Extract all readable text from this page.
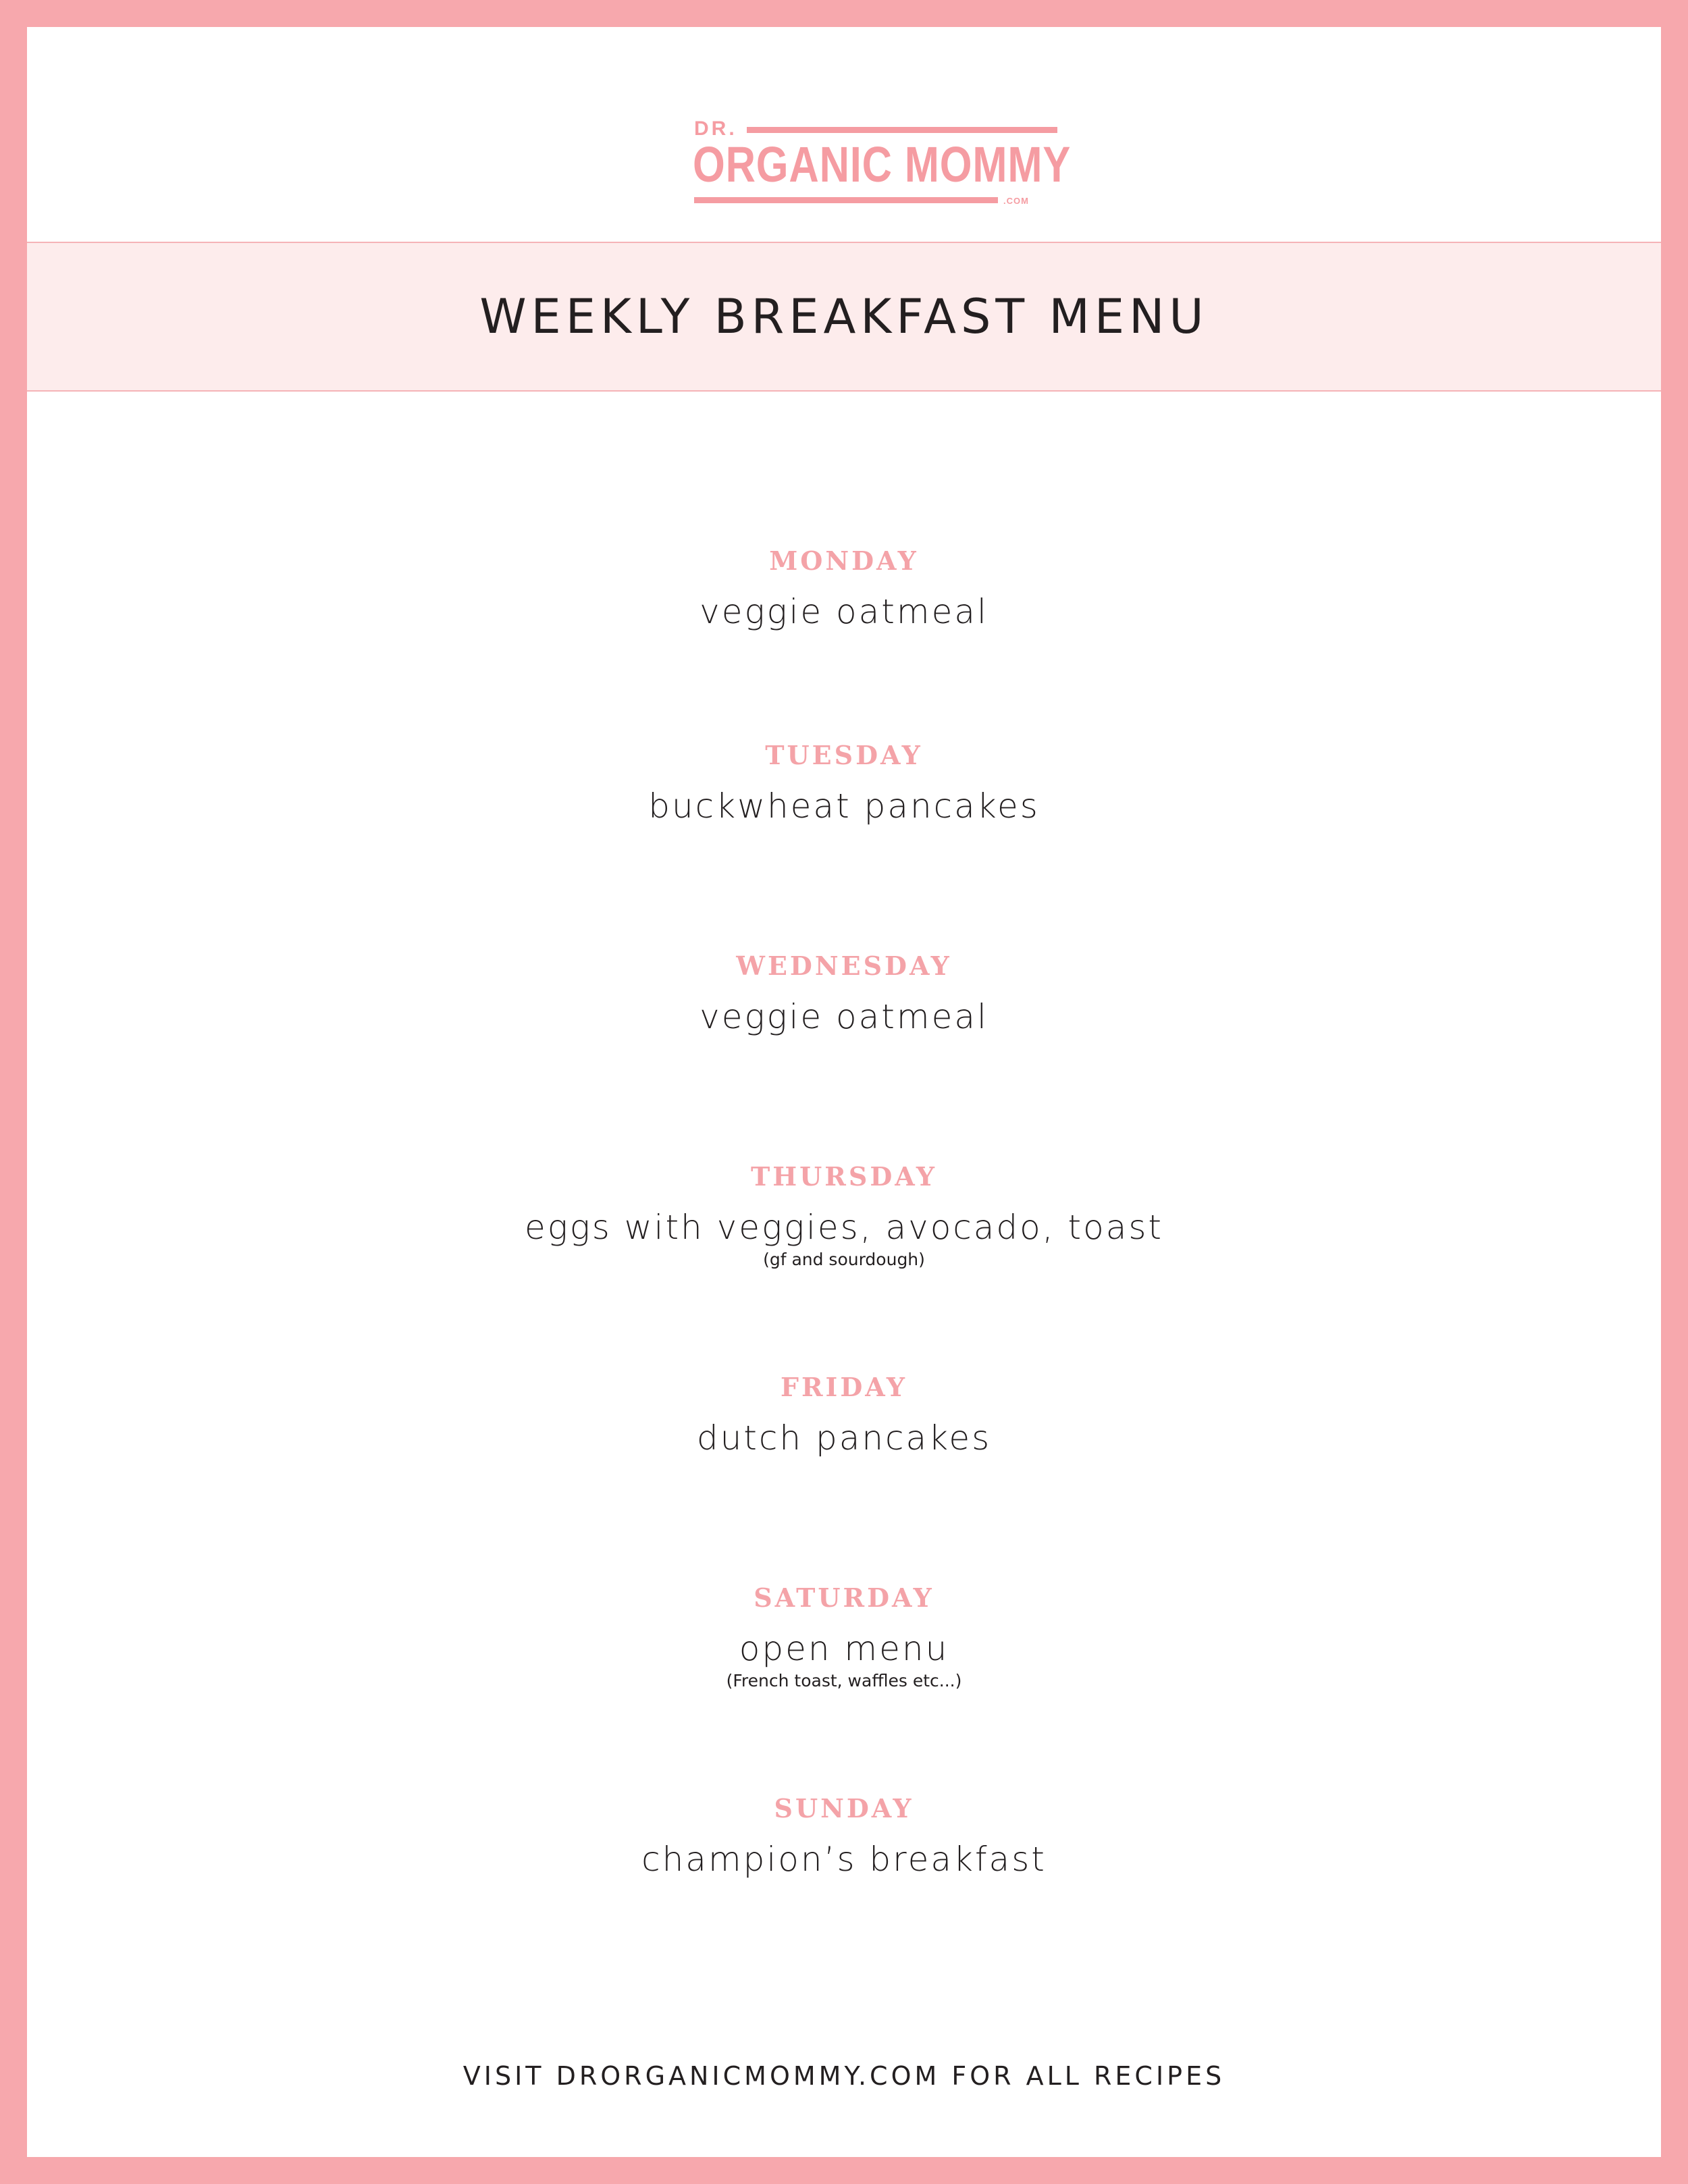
DR.
ORGANIC MOMMY
.COM
WEEKLY BREAKFAST MENU
MONDAY
veggie oatmeal
TUESDAY
buckwheat pancakes
WEDNESDAY
veggie oatmeal
THURSDAY
eggs with veggies, avocado, toast
(gf and sourdough)
FRIDAY
dutch pancakes
SATURDAY
open menu
(French toast, waffles etc...)
SUNDAY
champion’s breakfast
VISIT DRORGANICMOMMY.COM FOR ALL RECIPES
